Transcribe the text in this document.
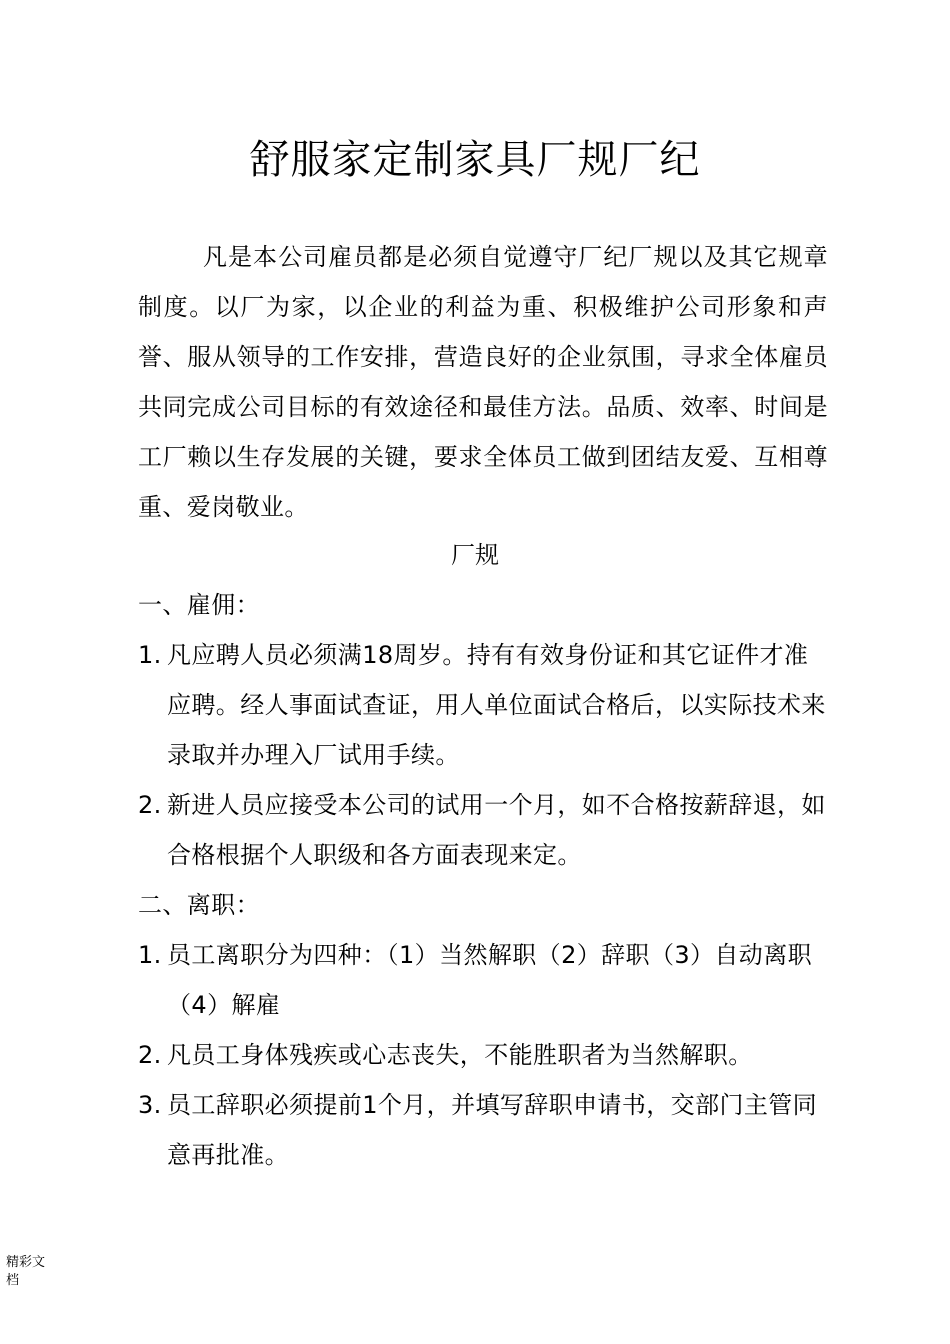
舒服家定制家具厂规厂纪

凡是本公司雇员都是必须自觉遵守厂纪厂规以及其它规章制度。以厂为家，以企业的利益为重、积极维护公司形象和声誉、服从领导的工作安排，营造良好的企业氛围，寻求全体雇员共同完成公司目标的有效途径和最佳方法。品质、效率、时间是工厂赖以生存发展的关键，要求全体员工做到团结友爱、互相尊重、爱岗敬业。

厂规
一、雇佣：
1. 凡应聘人员必须满18周岁。持有有效身份证和其它证件才准应聘。经人事面试查证，用人单位面试合格后，以实际技术来录取并办理入厂试用手续。
2. 新进人员应接受本公司的试用一个月，如不合格按薪辞退，如合格根据个人职级和各方面表现来定。
二、离职：
1. 员工离职分为四种：（1）当然解职（2）辞职（3）自动离职（4）解雇
2. 凡员工身体残疾或心志丧失，不能胜职者为当然解职。
3. 员工辞职必须提前1个月，并填写辞职申请书，交部门主管同意再批准。
精彩文档
